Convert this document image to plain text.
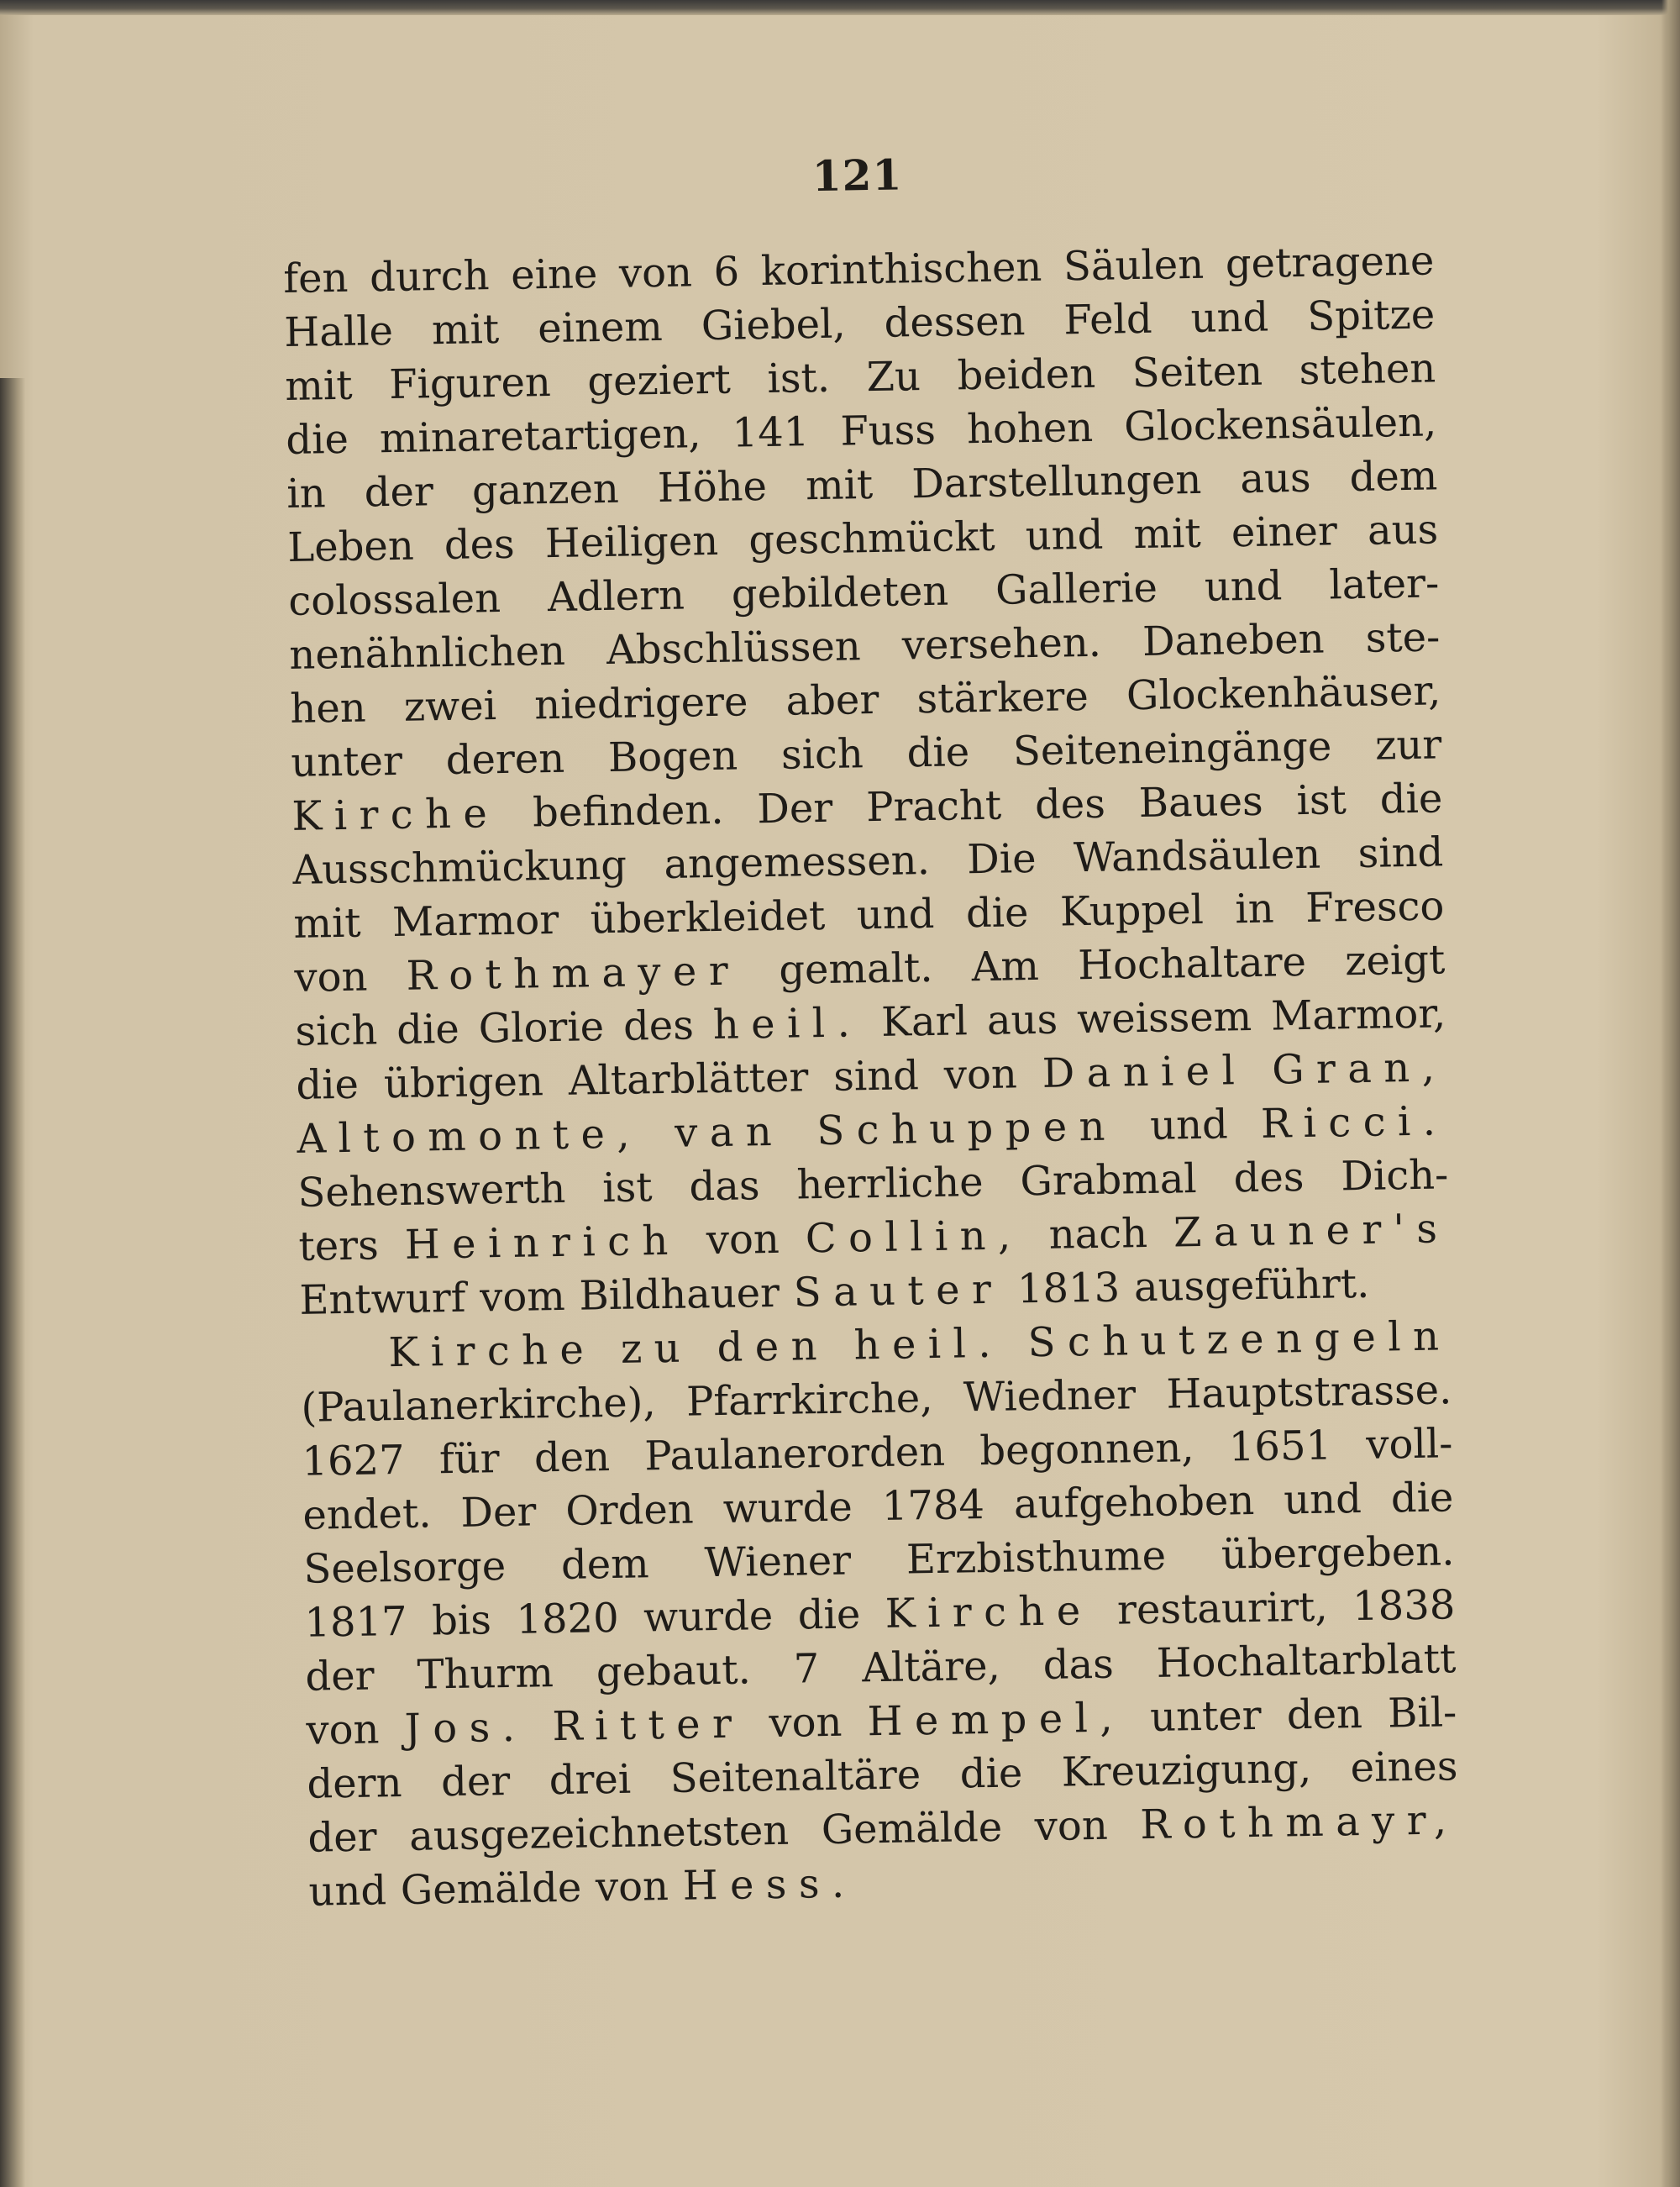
121
fen durch eine von 6 korinthischen Säulen getragene
Halle mit einem Giebel, dessen Feld und Spitze
mit Figuren geziert ist. Zu beiden Seiten stehen
die minaretartigen, 141 Fuss hohen Glockensäulen,
in der ganzen Höhe mit Darstellungen aus dem
Leben des Heiligen geschmückt und mit einer aus
colossalen Adlern gebildeten Gallerie und later-
nenähnlichen Abschlüssen versehen. Daneben ste-
hen zwei niedrigere aber stärkere Glockenhäuser,
unter deren Bogen sich die Seiteneingänge zur
Kirche befinden. Der Pracht des Baues ist die
Ausschmückung angemessen. Die Wandsäulen sind
mit Marmor überkleidet und die Kuppel in Fresco
von Rothmayer gemalt. Am Hochaltare zeigt
sich die Glorie des heil. Karl aus weissem Marmor,
die übrigen Altarblätter sind von Daniel Gran,
Altomonte, van Schuppen und Ricci.
Sehenswerth ist das herrliche Grabmal des Dich-
ters Heinrich von Collin, nach Zauner's
Entwurf vom Bildhauer Sauter 1813 ausgeführt.
Kirche zu den heil. Schutzengeln
(Paulanerkirche), Pfarrkirche, Wiedner Hauptstrasse.
1627 für den Paulanerorden begonnen, 1651 voll-
endet. Der Orden wurde 1784 aufgehoben und die
Seelsorge dem Wiener Erzbisthume übergeben.
1817 bis 1820 wurde die Kirche restaurirt, 1838
der Thurm gebaut. 7 Altäre, das Hochaltarblatt
von Jos. Ritter von Hempel, unter den Bil-
dern der drei Seitenaltäre die Kreuzigung, eines
der ausgezeichnetsten Gemälde von Rothmayr,
und Gemälde von Hess.
